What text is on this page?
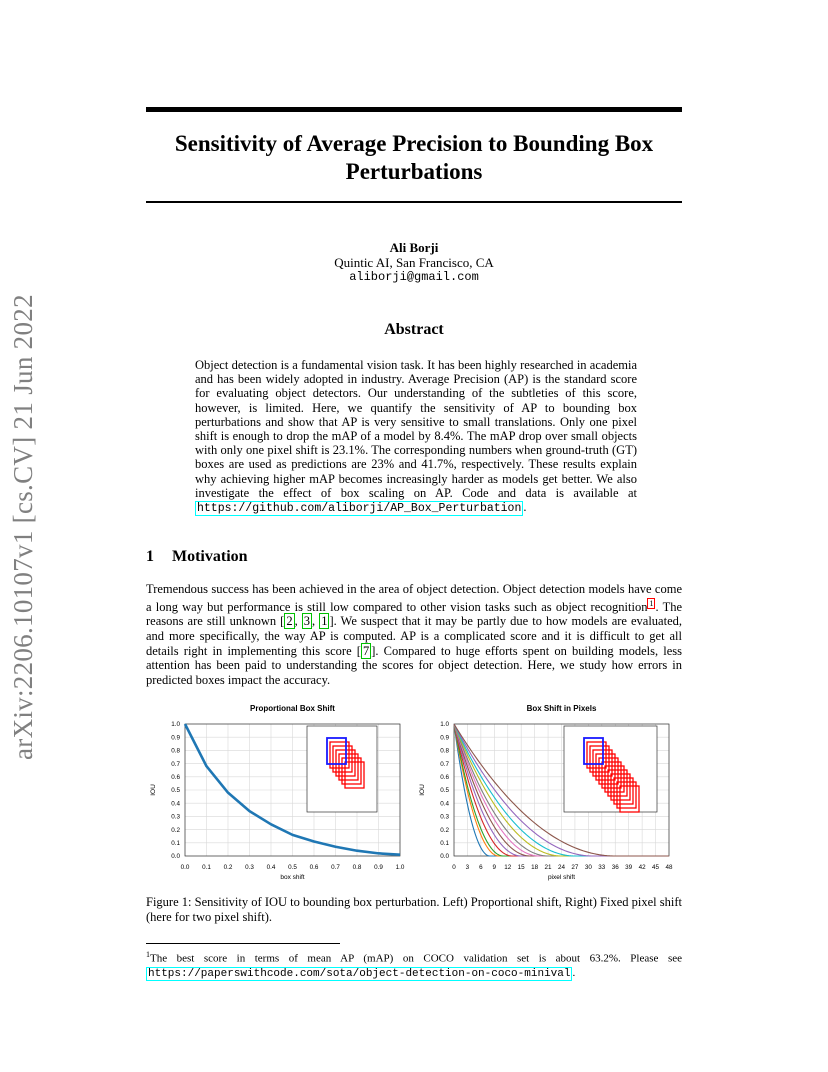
arXiv:2206.10107v1 [cs.CV] 21 Jun 2022
Sensitivity of Average Precision to Bounding Box
Perturbations
Ali Borji
Quintic AI, San Francisco, CA
aliborji@gmail.com
Abstract
Object detection is a fundamental vision task. It has been highly researched in academia and has been widely adopted in industry. Average Precision (AP) is the standard score for evaluating object detectors. Our understanding of the subtleties of this score, however, is limited. Here, we quantify the sensitivity of AP to bounding box perturbations and show that AP is very sensitive to small translations. Only one pixel shift is enough to drop the mAP of a model by 8.4%. The mAP drop over small objects with only one pixel shift is 23.1%. The corresponding numbers when ground-truth (GT) boxes are used as predictions are 23% and 41.7%, respectively. These results explain why achieving higher mAP becomes increasingly harder as models get better. We also investigate the effect of box scaling on AP. Code and data is available at https://github.com/aliborji/AP_Box_Perturbation .
1 Motivation
Tremendous success has been achieved in the area of object detection. Object detection models have come a long way but performance is still low compared to other vision tasks such as object recognition $^1$ . The reasons are still unknown [ 2 , 3 , 1 ]. We suspect that it may be partly due to how models are evaluated, and more specifically, the way AP is computed. AP is a complicated score and it is difficult to get all details right in implementing this score [ 7 ]. Compared to huge efforts spent on building models, less attention has been paid to understanding the scores for object detection. Here, we study how errors in predicted boxes impact the accuracy.
0.0 0.1 0.2 0.3 0.4 0.5 0.6 0.7 0.8 0.9 1.0
0.0
0.1
0.2
0.3
0.4
0.5
0.6
0.7
0.8
0.9
1.0
Proportional Box Shift
box shift
IOU
0 3 6 9 12 15 18 21 24 27 30 33 36 39 42 45 48
0.0
0.1
0.2
0.3
0.4
0.5
0.6
0.7
0.8
0.9
1.0
Box Shift in Pixels
pixel shift
IOU
Figure 1: Sensitivity of IOU to bounding box perturbation. Left) Proportional shift, Right) Fixed pixel shift (here for two pixel shift).
$^1$The best score in terms of mean AP (mAP) on COCO validation set is about 63.2%. Please see https://paperswithcode.com/sota/object-detection-on-coco-minival .
